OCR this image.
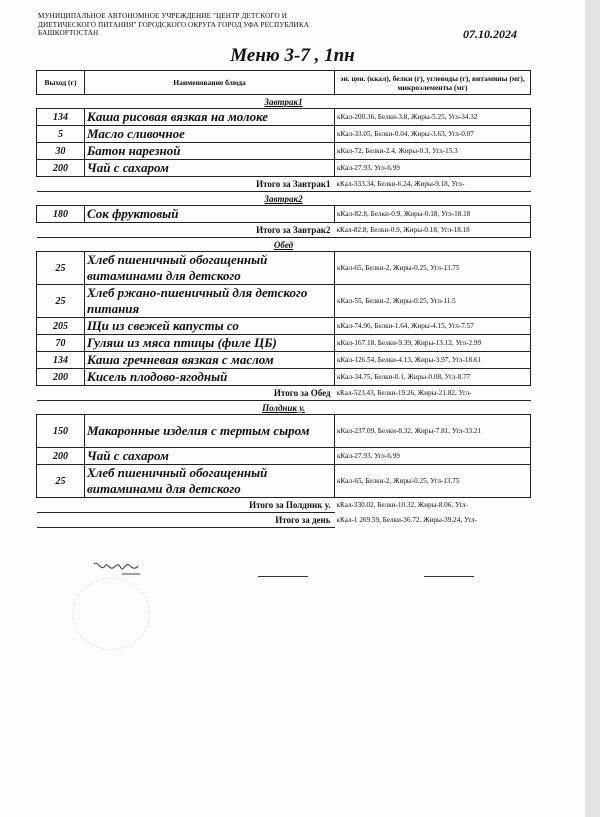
МУНИЦИПАЛЬНОЕ АВТОНОМНОЕ УЧРЕЖДЕНИЕ "ЦЕНТР ДЕТСКОГО И ДИЕТИЧЕСКОГО ПИТАНИЯ" ГОРОДСКОГО ОКРУГА ГОРОД УФА РЕСПУБЛИКА БАШКОРТОСТАН	07.10.2024
Меню 3-7 , 1пн
Выход (г)	Наименование блюда	эн. цен. (ккал), белки (г), углеводы (г), витамины (мг), микроэлементы (мг)
Завтрак1		
134	Каша рисовая вязкая на молоке	кКал-200.36, Белки-3.8, Жиры-5.25, Угл-34.32
5	Масло сливочное	кКал-33.05, Белки-0.04, Жиры-3.63, Угл-0.07
30	Батон нарезной	кКал-72, Белки-2.4, Жиры-0.3, Угл-15.3
200	Чай с сахаром	кКал-27.93, Угл-6.99
Итого за Завтрак1		кКал-333.34, Белки-6.24, Жиры-9.18, Угл-
Завтрак2		
180	Сок фруктовый	кКал-82.8, Белки-0.9, Жиры-0.18, Угл-18.18
Итого за Завтрак2		кКал-82.8, Белки-0.9, Жиры-0.18, Угл-18.18
Обед		
25	Хлеб пшеничный обогащенный витаминами для детского	кКал-65, Белки-2, Жиры-0.25, Угл-13.75
25	Хлеб ржано-пшеничный для детского питания	кКал-55, Белки-2, Жиры-0.25, Угл-11.5
205	Щи из свежей капусты со	кКал-74.96, Белки-1.64, Жиры-4.15, Угл-7.57
70	Гуляш из мяса птицы (филе ЦБ)	кКал-167.18, Белки-9.39, Жиры-13.12, Угл-2.99
134	Каша гречневая вязкая с маслом	кКал-126.54, Белки-4.13, Жиры-3.97, Угл-18.61
200	Кисель плодово-ягодный	кКал-34.75, Белки-0.1, Жиры-0.08, Угл-8.77
Итого за Обед		кКал-523.43, Белки-19.26, Жиры-21.82, Угл-
Полдник у.		
150	Макаронные изделия с тертым сыром	кКал-237.09, Белки-8.32, Жиры-7.81, Угл-33.21
200	Чай с сахаром	кКал-27.93, Угл-6.99
25	Хлеб пшеничный обогащенный витаминами для детского	кКал-65, Белки-2, Жиры-0.25, Угл-13.75
Итого за Полдник у.		кКал-330.02, Белки-10.32, Жиры-8.06, Угл-
Итого за день		кКал-1 269.59, Белки-36.72, Жиры-39.24, Угл-
